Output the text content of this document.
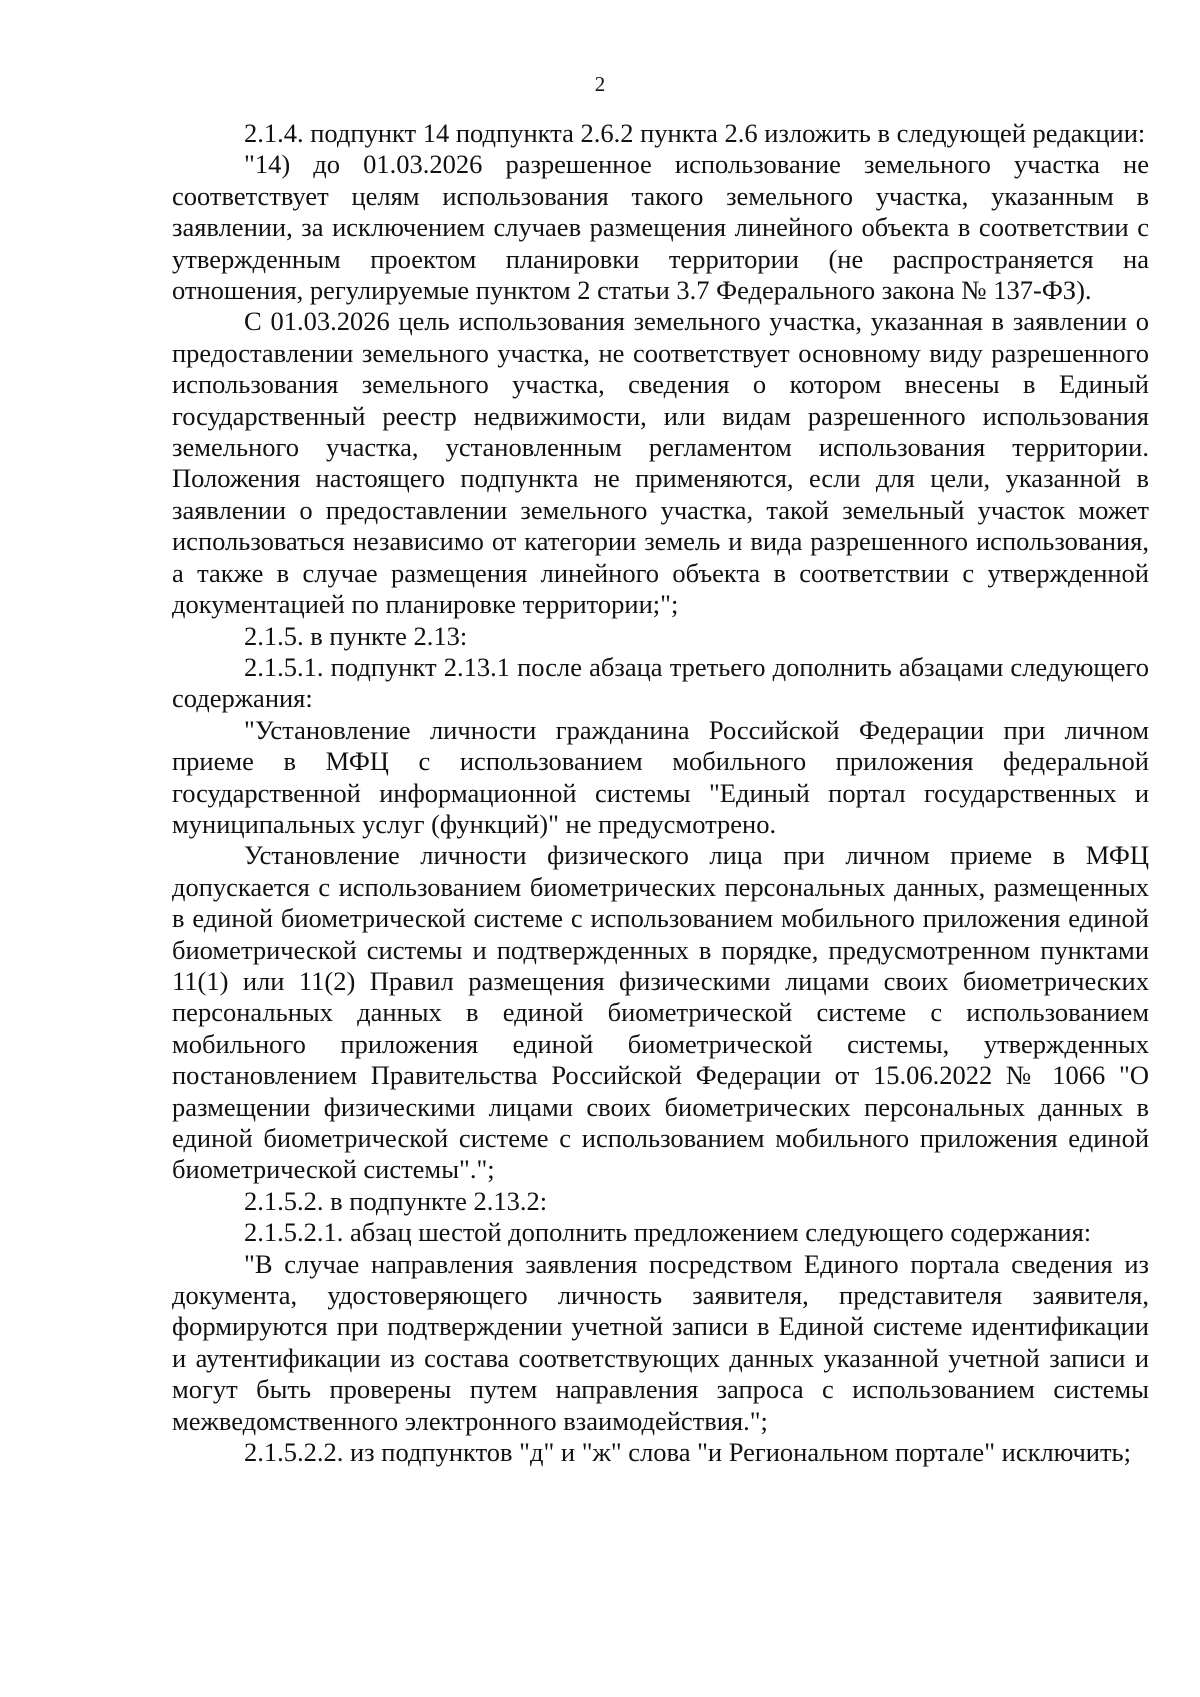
2

2.1.4. подпункт 14 подпункта 2.6.2 пункта 2.6 изложить в следующей редакции:

"14) до 01.03.2026 разрешенное использование земельного участка не соответствует целям использования такого земельного участка, указанным в заявлении, за исключением случаев размещения линейного объекта в соответствии с утвержденным проектом планировки территории (не распространяется на отношения, регулируемые пунктом 2 статьи 3.7 Федерального закона № 137-ФЗ).

С 01.03.2026 цель использования земельного участка, указанная в заявлении о предоставлении земельного участка, не соответствует основному виду разрешенного использования земельного участка, сведения о котором внесены в Единый государственный реестр недвижимости, или видам разрешенного использования земельного участка, установленным регламентом использования территории. Положения настоящего подпункта не применяются, если для цели, указанной в заявлении о предоставлении земельного участка, такой земельный участок может использоваться независимо от категории земель и вида разрешенного использования, а также в случае размещения линейного объекта в соответствии с утвержденной документацией по планировке территории;";

2.1.5. в пункте 2.13:

2.1.5.1. подпункт 2.13.1 после абзаца третьего дополнить абзацами следующего содержания:

"Установление личности гражданина Российской Федерации при личном приеме в МФЦ с использованием мобильного приложения федеральной государственной информационной системы "Единый портал государственных и муниципальных услуг (функций)" не предусмотрено.

Установление личности физического лица при личном приеме в МФЦ допускается с использованием биометрических персональных данных, размещенных в единой биометрической системе с использованием мобильного приложения единой биометрической системы и подтвержденных в порядке, предусмотренном пунктами 11(1) или 11(2) Правил размещения физическими лицами своих биометрических персональных данных в единой биометрической системе с использованием мобильного приложения единой биометрической системы, утвержденных постановлением Правительства Российской Федерации от 15.06.2022 № 1066 "О размещении физическими лицами своих биометрических персональных данных в единой биометрической системе с использованием мобильного приложения единой биометрической системы".";

2.1.5.2. в подпункте 2.13.2:

2.1.5.2.1. абзац шестой дополнить предложением следующего содержания:

"В случае направления заявления посредством Единого портала сведения из документа, удостоверяющего личность заявителя, представителя заявителя, формируются при подтверждении учетной записи в Единой системе идентификации и аутентификации из состава соответствующих данных указанной учетной записи и могут быть проверены путем направления запроса с использованием системы межведомственного электронного взаимодействия.";

2.1.5.2.2. из подпунктов "д" и "ж" слова "и Региональном портале" исключить;
